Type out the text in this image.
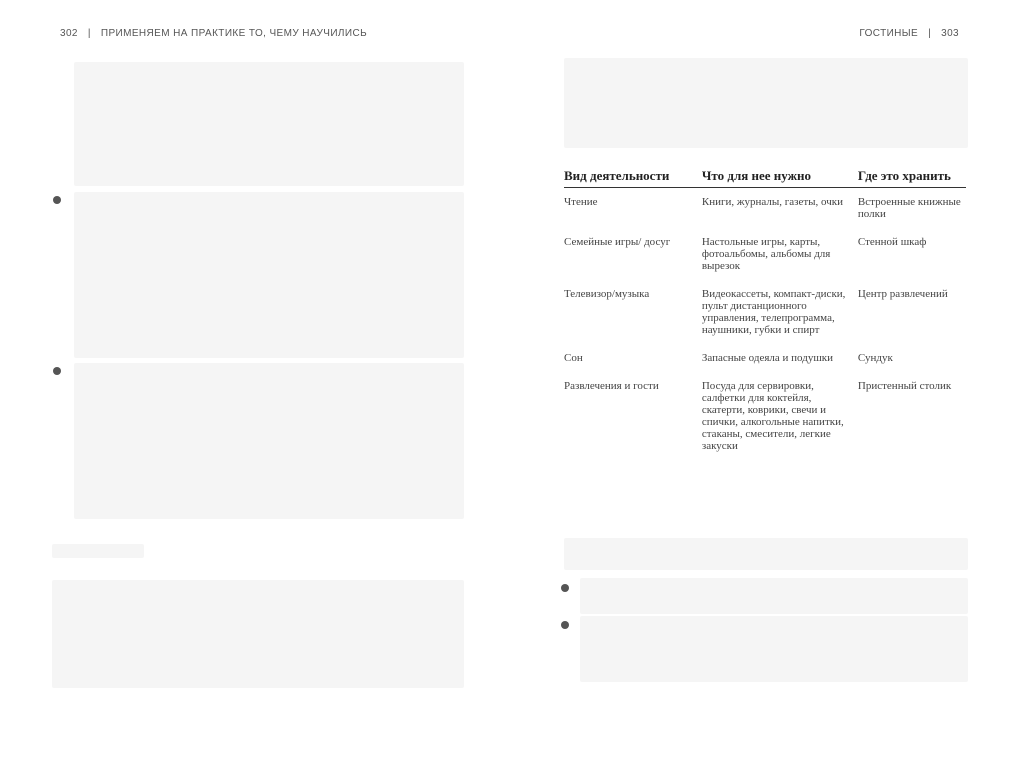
302 | ПРИМЕНЯЕМ НА ПРАКТИКЕ ТО, ЧЕМУ НАУЧИЛИСЬ	ГОСТИНЫЕ | 303
Вид деятельности	Что для нее нужно	Где это хранить
Чтение	Книги, журналы, газеты, очки	Встроенные книжные полки
Семейные игры/ досуг	Настольные игры, карты, фотоальбомы, альбомы для вырезок	Стенной шкаф
Телевизор/музыка	Видеокассеты, компакт-диски, пульт дистанционного управления, телепрограмма, наушники, губки и спирт	Центр развлечений
Сон	Запасные одеяла и подушки	Сундук
Развлечения и гости	Посуда для сервировки, салфетки для коктейля, скатерти, коврики, свечи и спички, алкогольные напитки, стаканы, смесители, легкие закуски	Пристенный столик
